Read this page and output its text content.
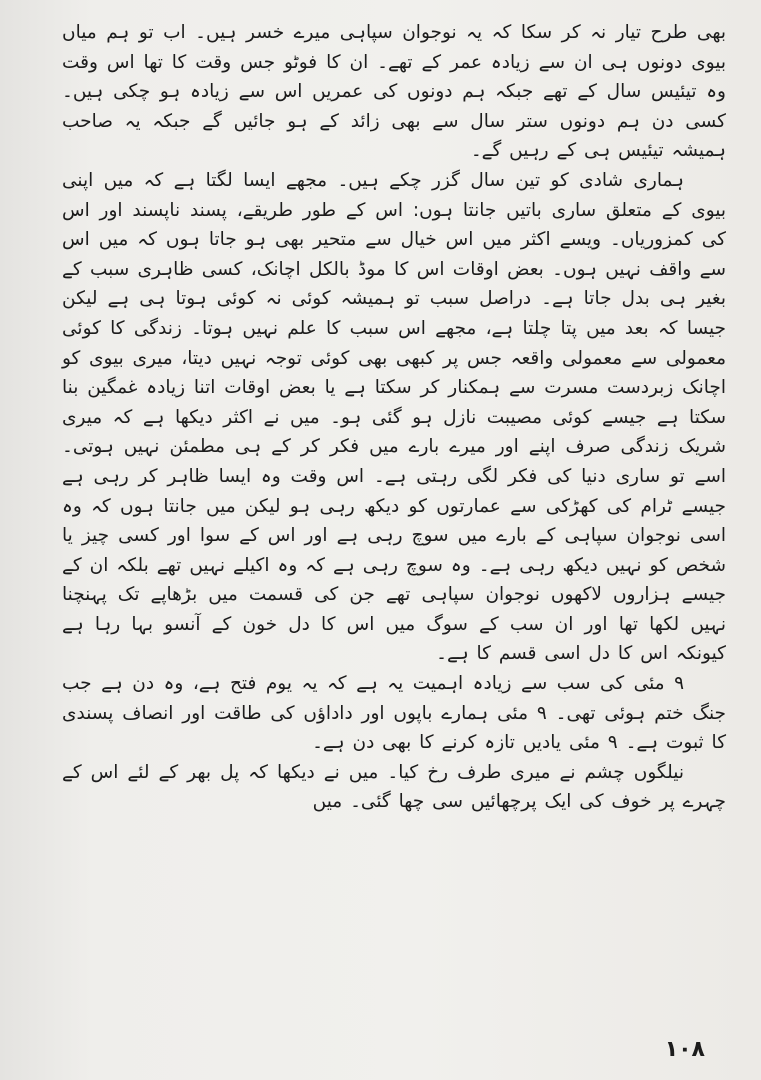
بھی طرح تیار نہ کر سکا کہ یہ نوجوان سپاہی میرے خسر ہیں۔ اب تو ہم میاں بیوی دونوں ہی ان سے زیادہ عمر کے تھے۔ ان کا فوٹو جس وقت کا تھا اس وقت وہ تیئیس سال کے تھے جبکہ ہم دونوں کی عمریں اس سے زیادہ ہو چکی ہیں۔ کسی دن ہم دونوں ستر سال سے بھی زائد کے ہو جائیں گے جبکہ یہ صاحب ہمیشہ تیئیس ہی کے رہیں گے۔

ہماری شادی کو تین سال گزر چکے ہیں۔ مجھے ایسا لگتا ہے کہ میں اپنی بیوی کے متعلق ساری باتیں جانتا ہوں: اس کے طور طریقے، پسند ناپسند اور اس کی کمزوریاں۔ ویسے اکثر میں اس خیال سے متحیر بھی ہو جاتا ہوں کہ میں اس سے واقف نہیں ہوں۔ بعض اوقات اس کا موڈ بالکل اچانک، کسی ظاہری سبب کے بغیر ہی بدل جاتا ہے۔ دراصل سبب تو ہمیشہ کوئی نہ کوئی ہوتا ہی ہے لیکن جیسا کہ بعد میں پتا چلتا ہے، مجھے اس سبب کا علم نہیں ہوتا۔ زندگی کا کوئی معمولی سے معمولی واقعہ جس پر کبھی بھی کوئی توجہ نہیں دیتا، میری بیوی کو اچانک زبردست مسرت سے ہمکنار کر سکتا ہے یا بعض اوقات اتنا زیادہ غمگین بنا سکتا ہے جیسے کوئی مصیبت نازل ہو گئی ہو۔ میں نے اکثر دیکھا ہے کہ میری شریک زندگی صرف اپنے اور میرے بارے میں فکر کر کے ہی مطمئن نہیں ہوتی۔ اسے تو ساری دنیا کی فکر لگی رہتی ہے۔ اس وقت وہ ایسا ظاہر کر رہی ہے جیسے ٹرام کی کھڑکی سے عمارتوں کو دیکھ رہی ہو لیکن میں جانتا ہوں کہ وہ اسی نوجوان سپاہی کے بارے میں سوچ رہی ہے اور اس کے سوا اور کسی چیز یا شخص کو نہیں دیکھ رہی ہے۔ وہ سوچ رہی ہے کہ وہ اکیلے نہیں تھے بلکہ ان کے جیسے ہزاروں لاکھوں نوجوان سپاہی تھے جن کی قسمت میں بڑھاپے تک پہنچنا نہیں لکھا تھا اور ان سب کے سوگ میں اس کا دل خون کے آنسو بہا رہا ہے کیونکہ اس کا دل اسی قسم کا ہے۔

۹ مئی کی سب سے زیادہ اہمیت یہ ہے کہ یہ یوم فتح ہے، وہ دن ہے جب جنگ ختم ہوئی تھی۔ ۹ مئی ہمارے باپوں اور داداؤں کی طاقت اور انصاف پسندی کا ثبوت ہے۔ ۹ مئی یادیں تازہ کرنے کا بھی دن ہے۔

نیلگوں چشم نے میری طرف رخ کیا۔ میں نے دیکھا کہ پل بھر کے لئے اس کے چہرے پر خوف کی ایک پرچھائیں سی چھا گئی۔ میں

۱۰۸
